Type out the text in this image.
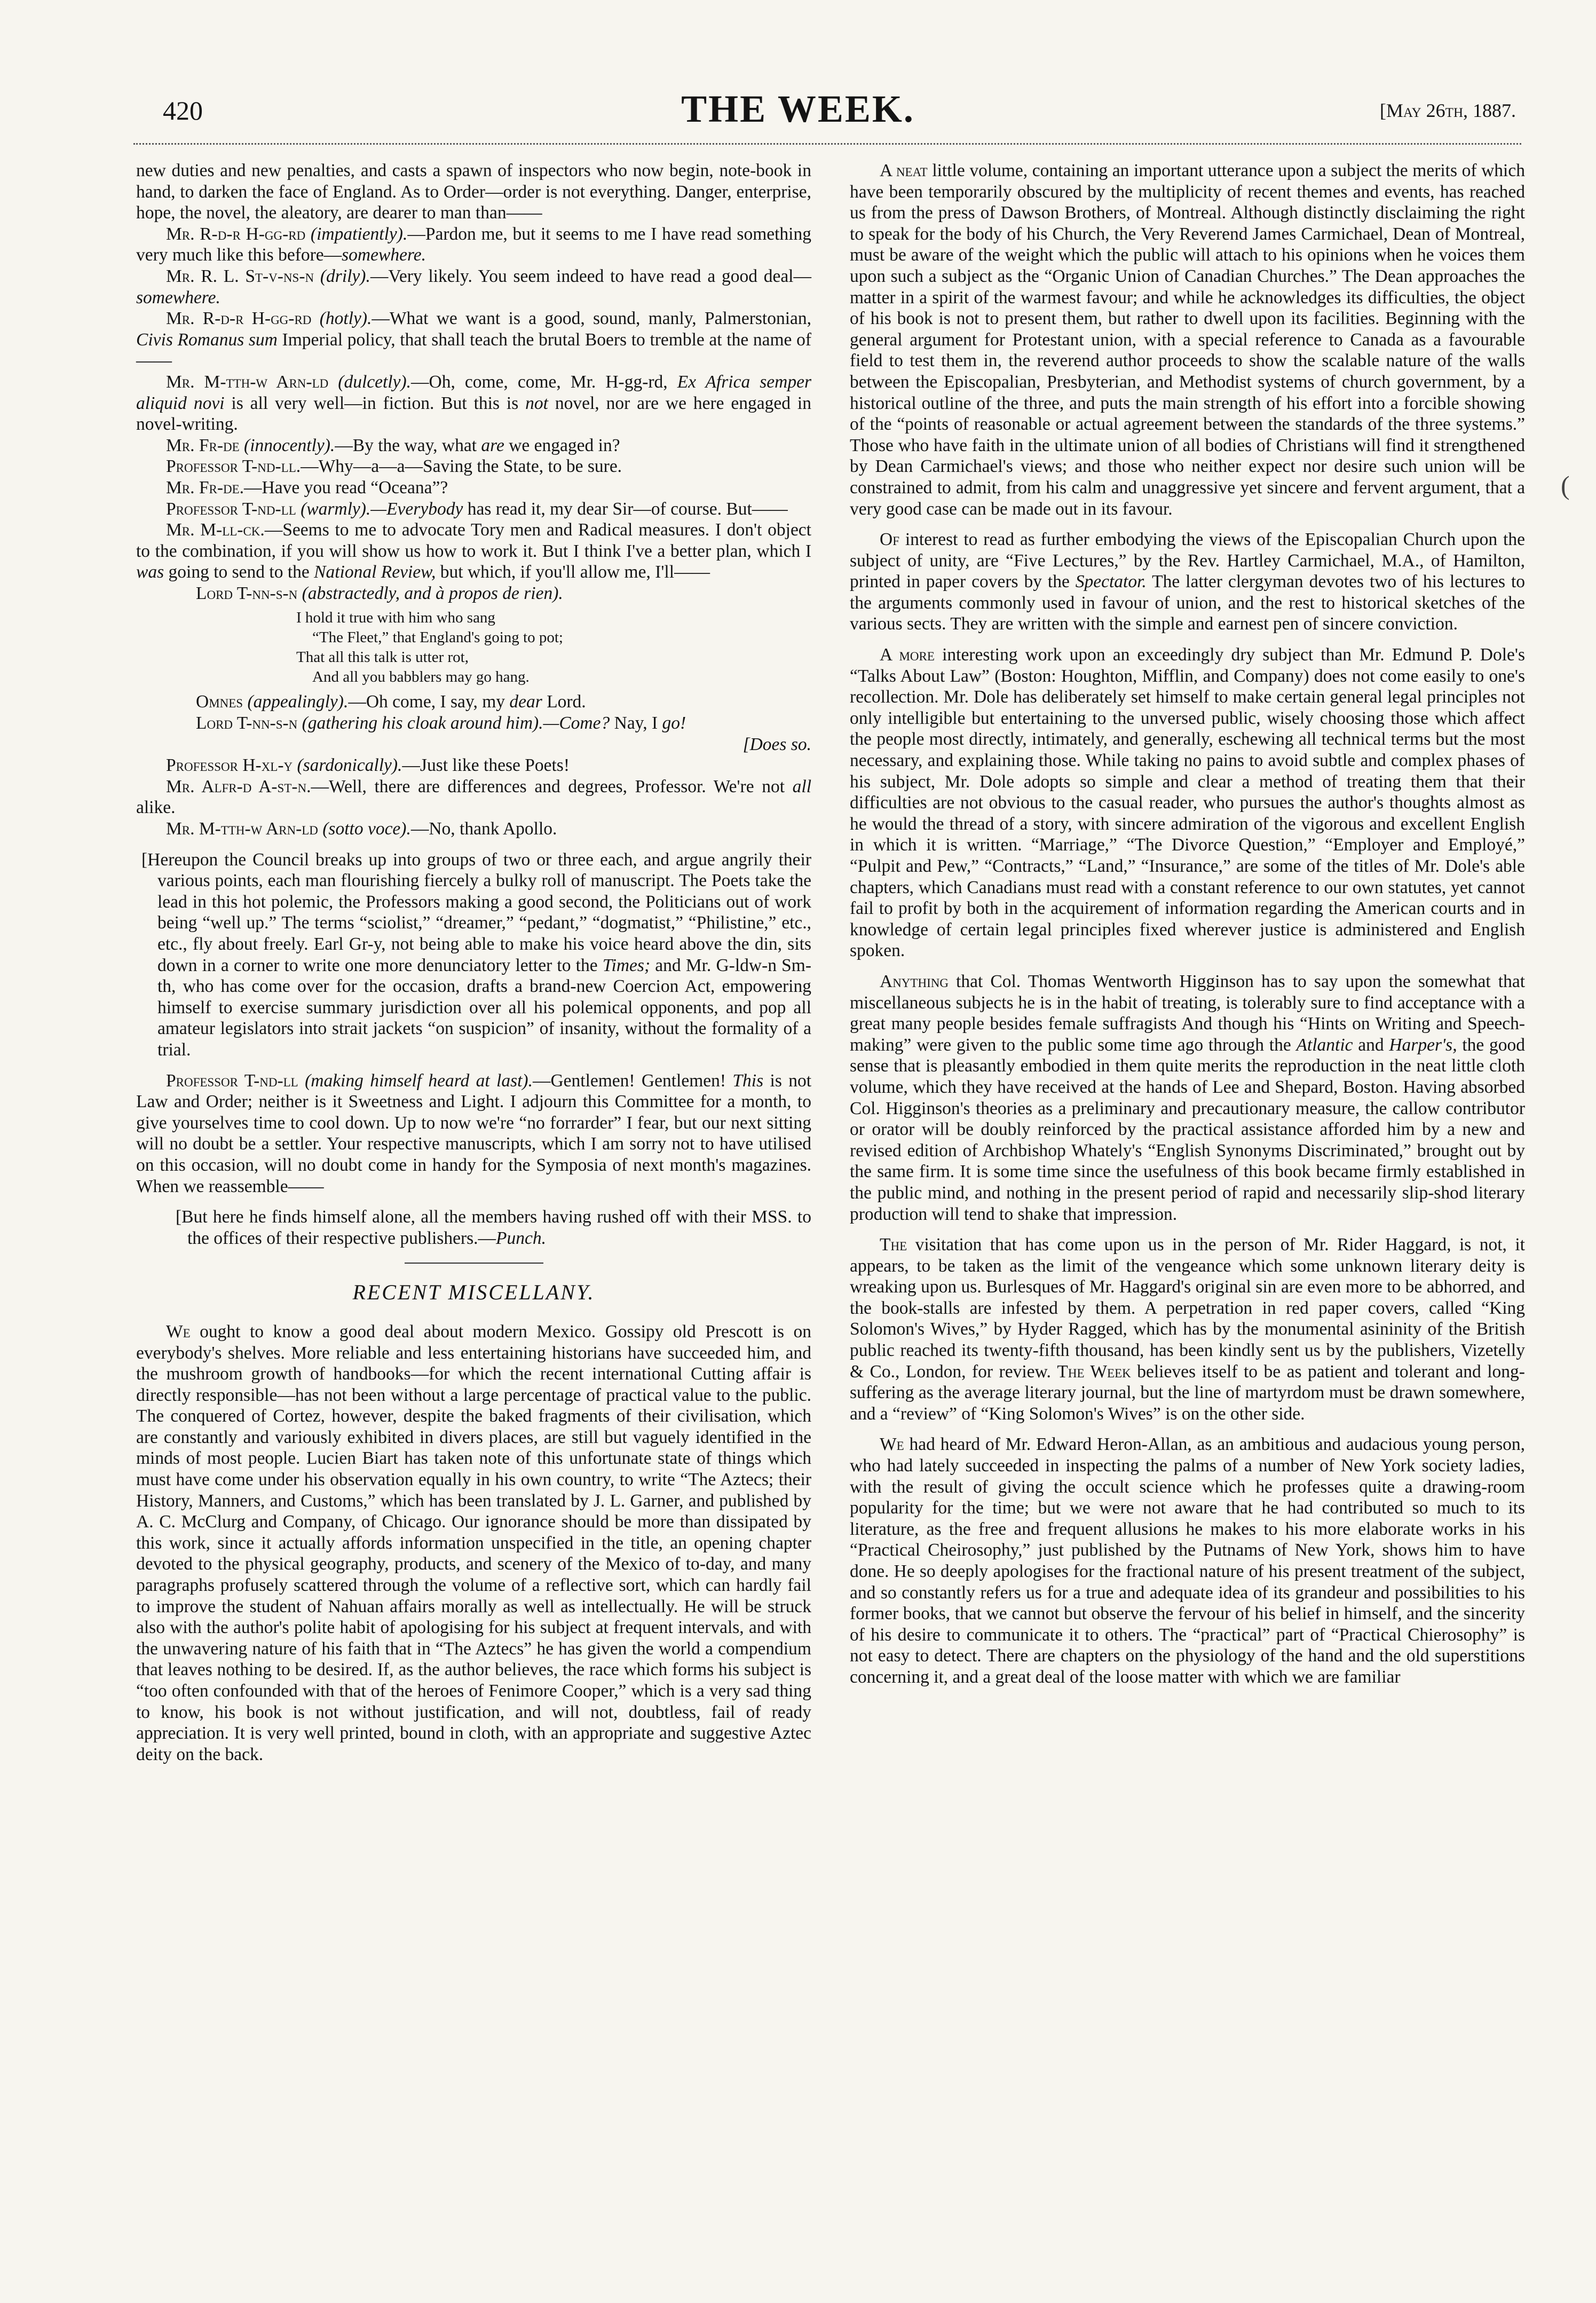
420	THE WEEK.	[May 26th, 1887.

new duties and new penalties, and casts a spawn of inspectors who now begin, note-book in hand, to darken the face of England. As to Order—order is not everything. Danger, enterprise, hope, the novel, the aleatory, are dearer to man than——

Mr. R-d-r H-gg-rd (impatiently).—Pardon me, but it seems to me I have read something very much like this before—somewhere.

Mr. R. L. St-v-ns-n (drily).—Very likely. You seem indeed to have read a good deal—somewhere.

Mr. R-d-r H-gg-rd (hotly).—What we want is a good, sound, manly, Palmerstonian, Civis Romanus sum Imperial policy, that shall teach the brutal Boers to tremble at the name of——

Mr. M-tth-w Arn-ld (dulcetly).—Oh, come, come, Mr. H-gg-rd, Ex Africa semper aliquid novi is all very well—in fiction. But this is not novel, nor are we here engaged in novel-writing.

Mr. Fr-de (innocently).—By the way, what are we engaged in?

Professor T-nd-ll.—Why—a—a—Saving the State, to be sure.

Mr. Fr-de.—Have you read “Oceana”?

Professor T-nd-ll (warmly).—Everybody has read it, my dear Sir—of course. But——

Mr. M-ll-ck.—Seems to me to advocate Tory men and Radical measures. I don't object to the combination, if you will show us how to work it. But I think I've a better plan, which I was going to send to the National Review, but which, if you'll allow me, I'll——

Lord T-nn-s-n (abstractedly, and à propos de rien).

I hold it true with him who sang
“The Fleet,” that England's going to pot;
That all this talk is utter rot,
And all you babblers may go hang.

Omnes (appealingly).—Oh come, I say, my dear Lord.

Lord T-nn-s-n (gathering his cloak around him).—Come? Nay, I go!

[Does so.

Professor H-xl-y (sardonically).—Just like these Poets!

Mr. Alfr-d A-st-n.—Well, there are differences and degrees, Professor. We're not all alike.

Mr. M-tth-w Arn-ld (sotto voce).—No, thank Apollo.

[Hereupon the Council breaks up into groups of two or three each, and argue angrily their various points, each man flourishing fiercely a bulky roll of manuscript. The Poets take the lead in this hot polemic, the Professors making a good second, the Politicians out of work being “well up.” The terms “sciolist,” “dreamer,” “pedant,” “dogmatist,” “Philistine,” etc., etc., fly about freely. Earl Gr-y, not being able to make his voice heard above the din, sits down in a corner to write one more denunciatory letter to the Times; and Mr. G-ldw-n Sm-th, who has come over for the occasion, drafts a brand-new Coercion Act, empowering himself to exercise summary jurisdiction over all his polemical opponents, and pop all amateur legislators into strait jackets “on suspicion” of insanity, without the formality of a trial.

Professor T-nd-ll (making himself heard at last).—Gentlemen! Gentlemen! This is not Law and Order; neither is it Sweetness and Light. I adjourn this Committee for a month, to give yourselves time to cool down. Up to now we're “no forrarder” I fear, but our next sitting will no doubt be a settler. Your respective manuscripts, which I am sorry not to have utilised on this occasion, will no doubt come in handy for the Symposia of next month's magazines. When we reassemble——

[But here he finds himself alone, all the members having rushed off with their MSS. to the offices of their respective publishers.—Punch.

RECENT MISCELLANY.

We ought to know a good deal about modern Mexico. Gossipy old Prescott is on everybody's shelves. More reliable and less entertaining historians have succeeded him, and the mushroom growth of handbooks—for which the recent international Cutting affair is directly responsible—has not been without a large percentage of practical value to the public. The conquered of Cortez, however, despite the baked fragments of their civilisation, which are constantly and variously exhibited in divers places, are still but vaguely identified in the minds of most people. Lucien Biart has taken note of this unfortunate state of things which must have come under his observation equally in his own country, to write “The Aztecs; their History, Manners, and Customs,” which has been translated by J. L. Garner, and published by A. C. McClurg and Company, of Chicago. Our ignorance should be more than dissipated by this work, since it actually affords information unspecified in the title, an opening chapter devoted to the physical geography, products, and scenery of the Mexico of to-day, and many paragraphs profusely scattered through the volume of a reflective sort, which can hardly fail to improve the student of Nahuan affairs morally as well as intellectually. He will be struck also with the author's polite habit of apologising for his subject at frequent intervals, and with the unwavering nature of his faith that in “The Aztecs” he has given the world a compendium that leaves nothing to be desired. If, as the author believes, the race which forms his subject is “too often confounded with that of the heroes of Fenimore Cooper,” which is a very sad thing to know, his book is not without justification, and will not, doubtless, fail of ready appreciation. It is very well printed, bound in cloth, with an appropriate and suggestive Aztec deity on the back.

A neat little volume, containing an important utterance upon a subject the merits of which have been temporarily obscured by the multiplicity of recent themes and events, has reached us from the press of Dawson Brothers, of Montreal. Although distinctly disclaiming the right to speak for the body of his Church, the Very Reverend James Carmichael, Dean of Montreal, must be aware of the weight which the public will attach to his opinions when he voices them upon such a subject as the “Organic Union of Canadian Churches.” The Dean approaches the matter in a spirit of the warmest favour; and while he acknowledges its difficulties, the object of his book is not to present them, but rather to dwell upon its facilities. Beginning with the general argument for Protestant union, with a special reference to Canada as a favourable field to test them in, the reverend author proceeds to show the scalable nature of the walls between the Episcopalian, Presbyterian, and Methodist systems of church government, by a historical outline of the three, and puts the main strength of his effort into a forcible showing of the “points of reasonable or actual agreement between the standards of the three systems.” Those who have faith in the ultimate union of all bodies of Christians will find it strengthened by Dean Carmichael's views; and those who neither expect nor desire such union will be constrained to admit, from his calm and unaggressive yet sincere and fervent argument, that a very good case can be made out in its favour.

Of interest to read as further embodying the views of the Episcopalian Church upon the subject of unity, are “Five Lectures,” by the Rev. Hartley Carmichael, M.A., of Hamilton, printed in paper covers by the Spectator. The latter clergyman devotes two of his lectures to the arguments commonly used in favour of union, and the rest to historical sketches of the various sects. They are written with the simple and earnest pen of sincere conviction.

A more interesting work upon an exceedingly dry subject than Mr. Edmund P. Dole's “Talks About Law” (Boston: Houghton, Mifflin, and Company) does not come easily to one's recollection. Mr. Dole has deliberately set himself to make certain general legal principles not only intelligible but entertaining to the unversed public, wisely choosing those which affect the people most directly, intimately, and generally, eschewing all technical terms but the most necessary, and explaining those. While taking no pains to avoid subtle and complex phases of his subject, Mr. Dole adopts so simple and clear a method of treating them that their difficulties are not obvious to the casual reader, who pursues the author's thoughts almost as he would the thread of a story, with sincere admiration of the vigorous and excellent English in which it is written. “Marriage,” “The Divorce Question,” “Employer and Employé,” “Pulpit and Pew,” “Contracts,” “Land,” “Insurance,” are some of the titles of Mr. Dole's able chapters, which Canadians must read with a constant reference to our own statutes, yet cannot fail to profit by both in the acquirement of information regarding the American courts and in knowledge of certain legal principles fixed wherever justice is administered and English spoken.

Anything that Col. Thomas Wentworth Higginson has to say upon the somewhat that miscellaneous subjects he is in the habit of treating, is tolerably sure to find acceptance with a great many people besides female suffragists And though his “Hints on Writing and Speech-making” were given to the public some time ago through the Atlantic and Harper's, the good sense that is pleasantly embodied in them quite merits the reproduction in the neat little cloth volume, which they have received at the hands of Lee and Shepard, Boston. Having absorbed Col. Higginson's theories as a preliminary and precautionary measure, the callow contributor or orator will be doubly reinforced by the practical assistance afforded him by a new and revised edition of Archbishop Whately's “English Synonyms Discriminated,” brought out by the same firm. It is some time since the usefulness of this book became firmly established in the public mind, and nothing in the present period of rapid and necessarily slip-shod literary production will tend to shake that impression.

The visitation that has come upon us in the person of Mr. Rider Haggard, is not, it appears, to be taken as the limit of the vengeance which some unknown literary deity is wreaking upon us. Burlesques of Mr. Haggard's original sin are even more to be abhorred, and the book-stalls are infested by them. A perpetration in red paper covers, called “King Solomon's Wives,” by Hyder Ragged, which has by the monumental asininity of the British public reached its twenty-fifth thousand, has been kindly sent us by the publishers, Vizetelly & Co., London, for review. The Week believes itself to be as patient and tolerant and long-suffering as the average literary journal, but the line of martyrdom must be drawn somewhere, and a “review” of “King Solomon's Wives” is on the other side.

We had heard of Mr. Edward Heron-Allan, as an ambitious and audacious young person, who had lately succeeded in inspecting the palms of a number of New York society ladies, with the result of giving the occult science which he professes quite a drawing-room popularity for the time; but we were not aware that he had contributed so much to its literature, as the free and frequent allusions he makes to his more elaborate works in his “Practical Cheirosophy,” just published by the Putnams of New York, shows him to have done. He so deeply apologises for the fractional nature of his present treatment of the subject, and so constantly refers us for a true and adequate idea of its grandeur and possibilities to his former books, that we cannot but observe the fervour of his belief in himself, and the sincerity of his desire to communicate it to others. The “practical” part of “Practical Chierosophy” is not easy to detect. There are chapters on the physiology of the hand and the old superstitions concerning it, and a great deal of the loose matter with which we are familiar

(
